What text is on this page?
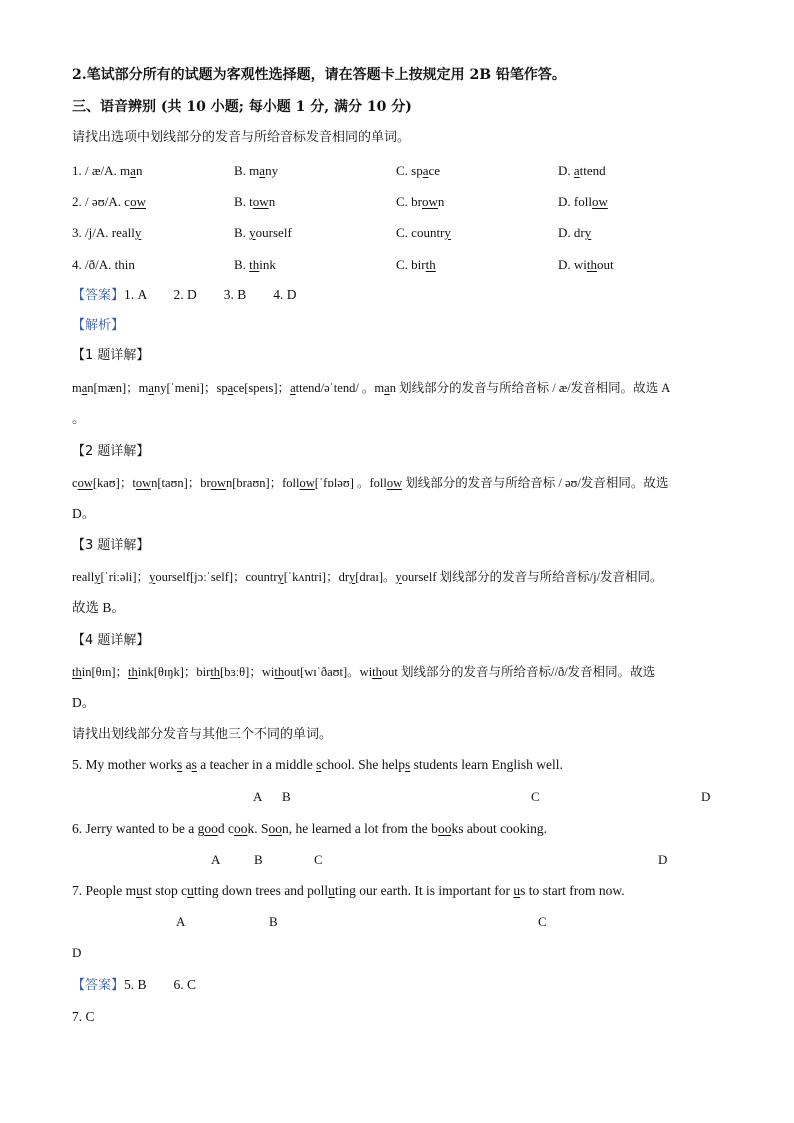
2.笔试部分所有的试题为客观性选择题，请在答题卡上按规定用 2B 铅笔作答。
三、语音辨别 (共 10 小题; 每小题 1 分, 满分 10 分)
请找出选项中划线部分的发音与所给音标发音相同的单词。
1. / æ/A. man	B. many	C. space	D. attend
2. / əʊ/A. cow	B. town	C. brown	D. follow
3. /j/A. really	B. yourself	C. country	D. dry
4. /ð/A. thin	B. think	C. birth	D. without
【答案】1. A        2. D        3. B        4. D
【解析】
【1 题详解】
man[mæn]；many[ˈmeni]；space[speɪs]；attend/əˈtend/ 。man 划线部分的发音与所给音标 / æ/发音相同。故选 A
。
【2 题详解】
cow[kaʊ]；town[taʊn]；brown[braʊn]；follow[ˈfɒləʊ] 。follow 划线部分的发音与所给音标 / əʊ/发音相同。故选
D。
【3 题详解】
really[ˈriːəli]；yourself[jɔːˈself]；country[ˈkʌntri]；dry[draɪ]。yourself 划线部分的发音与所给音标/j/发音相同。
故选 B。
【4 题详解】
thin[θɪn]；think[θɪŋk]；birth[bɜːθ]；without[wɪˈðaʊt]。without 划线部分的发音与所给音标//ð/发音相同。故选
D。
请找出划线部分发音与其他三个不同的单词。
5. My mother works as a teacher in a middle school. She helps students learn English well.
A B	C	D
6. Jerry wanted to be a good cook. Soon, he learned a lot from the books about cooking.
A	B	C	D
7. People must stop cutting down trees and polluting our earth. It is important for us to start from now.
A	B	C
D
【答案】5. B        6. C
7. C
